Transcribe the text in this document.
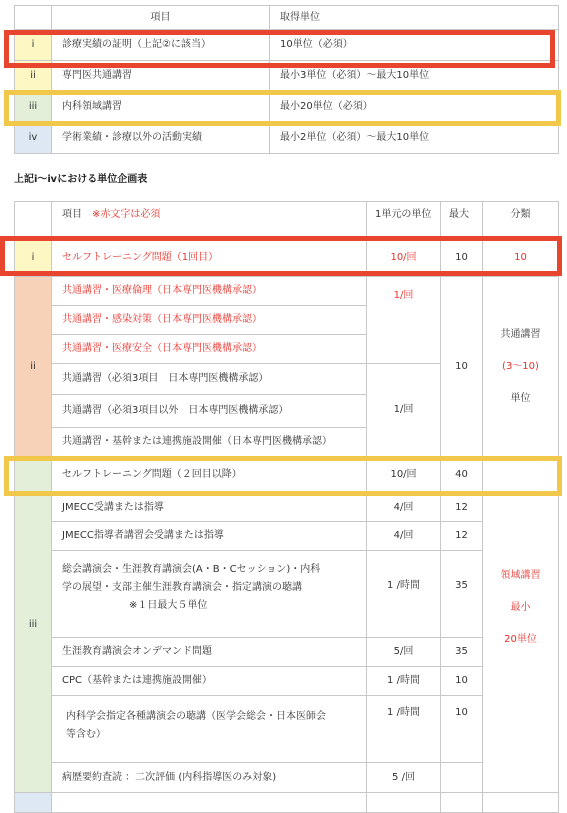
	項目	取得単位
i	診療実績の証明（上記②に該当）	10単位（必須）
ii	専門医共通講習	最小3単位（必須）～最大10単位
iii	内科領域講習	最小20単位（必須）
iv	学術業績・診療以外の活動実績	最小2単位（必須）～最大10単位
上記ⅰ～ⅳにおける単位企画表
	項目　 ※赤文字は必須	1単元の単位	最大	分類
i	セルフトレーニング問題（1回目）	10/回	10	10
ii	共通講習・医療倫理（日本専門医機構承認）	1/回	10	共通講習
(3～10)
単位

	共通講習・感染対策（日本専門医機構承認）			
	共通講習・医療安全（日本専門医機構承認）			
	共通講習（必須3項目　日本専門医機構承認）	1/回		
	共通講習（必須3項目以外　日本専門医機構承認）			
	共通講習・基幹または連携施設開催（日本専門医機構承認）			
iii	セルフトレーニング問題（２回目以降）	10/回	40	
	JMECC受講または指導	4/回	12	領域講習
最小
20単位

	JMECC指導者講習会受講または指導	4/回	12	

	総会講演会・生涯教育講演会(A・B・Cセッション)・内科
学の展望・支部主催生涯教育講演会・指定講演の聴講
※１日最大５単位	1 /時間	35	
	生涯教育講演会オンデマンド問題	5/回	35	
	CPC（基幹または連携施設開催）	1 /時間	10	

	内科学会指定各種講演会の聴講（医学会総会・日本医師会
等含む）	1 /時間	10	
	病歴要約査読 ：二次評価 (内科指導医のみ対象)	5 /回		
